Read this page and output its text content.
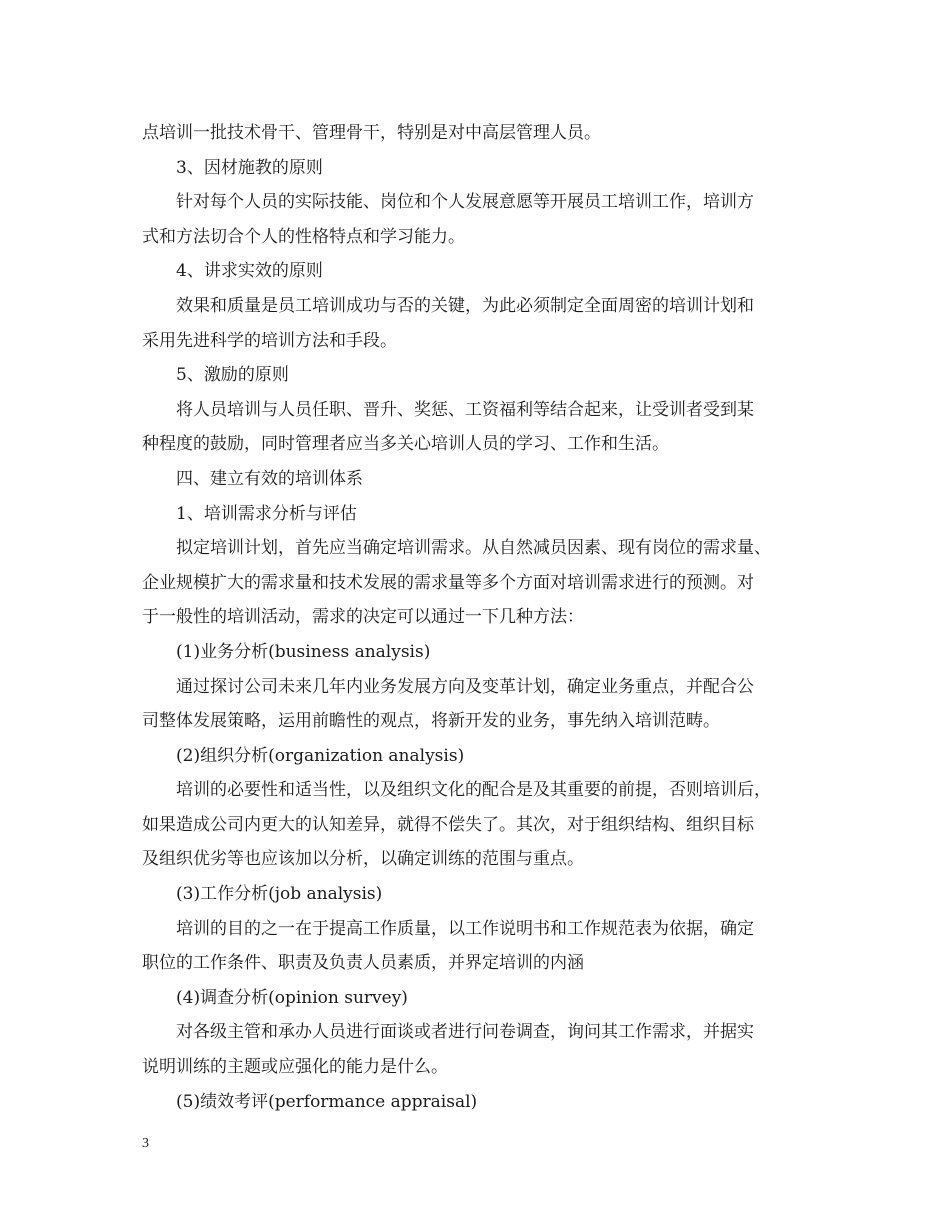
点培训一批技术骨干、管理骨干，特别是对中高层管理人员。
3、因材施教的原则
针对每个人员的实际技能、岗位和个人发展意愿等开展员工培训工作，培训方
式和方法切合个人的性格特点和学习能力。
4、讲求实效的原则
效果和质量是员工培训成功与否的关键，为此必须制定全面周密的培训计划和
采用先进科学的培训方法和手段。
5、激励的原则
将人员培训与人员任职、晋升、奖惩、工资福利等结合起来，让受训者受到某
种程度的鼓励，同时管理者应当多关心培训人员的学习、工作和生活。
四、建立有效的培训体系
1、培训需求分析与评估
拟定培训计划，首先应当确定培训需求。从自然减员因素、现有岗位的需求量、
企业规模扩大的需求量和技术发展的需求量等多个方面对培训需求进行的预测。对
于一般性的培训活动，需求的决定可以通过一下几种方法：
(1)业务分析(business analysis)
通过探讨公司未来几年内业务发展方向及变革计划，确定业务重点，并配合公
司整体发展策略，运用前瞻性的观点，将新开发的业务，事先纳入培训范畴。
(2)组织分析(organization analysis)
培训的必要性和适当性，以及组织文化的配合是及其重要的前提，否则培训后，
如果造成公司内更大的认知差异，就得不偿失了。其次，对于组织结构、组织目标
及组织优劣等也应该加以分析，以确定训练的范围与重点。
(3)工作分析(job analysis)
培训的目的之一在于提高工作质量，以工作说明书和工作规范表为依据，确定
职位的工作条件、职责及负责人员素质，并界定培训的内涵
(4)调查分析(opinion survey)
对各级主管和承办人员进行面谈或者进行问卷调查，询问其工作需求，并据实
说明训练的主题或应强化的能力是什么。
(5)绩效考评(performance appraisal)
3
